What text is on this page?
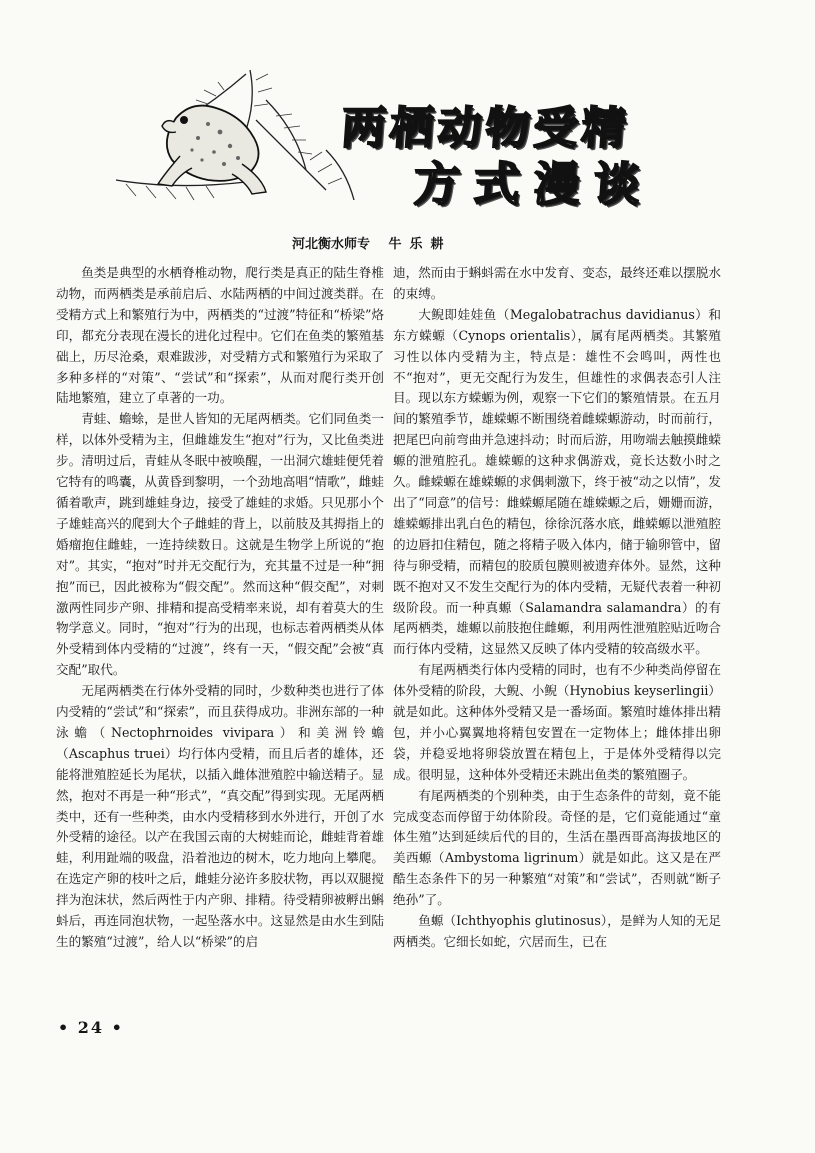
两栖动物受精
方式漫谈
河北衡水师专 牛乐耕

鱼类是典型的水栖脊椎动物，爬行类是真正的陆生脊椎动物，而两栖类是承前启后、水陆两栖的中间过渡类群。在受精方式上和繁殖行为中，两栖类的“过渡”特征和“桥梁”烙印，都充分表现在漫长的进化过程中。它们在鱼类的繁殖基础上，历尽沧桑，艰难跋涉，对受精方式和繁殖行为采取了多种多样的“对策”、“尝试”和“探索”，从而对爬行类开创陆地繁殖，建立了卓著的一功。

青蛙、蟾蜍，是世人皆知的无尾两栖类。它们同鱼类一样，以体外受精为主，但雌雄发生“抱对”行为，又比鱼类进步。清明过后，青蛙从冬眠中被唤醒，一出洞穴雄蛙便凭着它特有的鸣囊，从黄昏到黎明，一个劲地高唱“情歌”，雌蛙循着歌声，跳到雄蛙身边，接受了雄蛙的求婚。只见那小个子雄蛙高兴的爬到大个子雌蛙的背上，以前肢及其拇指上的婚瘤抱住雌蛙，一连持续数日。这就是生物学上所说的“抱对”。其实，“抱对”时并无交配行为，充其量不过是一种“拥抱”而已，因此被称为“假交配”。然而这种“假交配”，对刺激两性同步产卵、排精和提高受精率来说，却有着莫大的生物学意义。同时，“抱对”行为的出现，也标志着两栖类从体外受精到体内受精的“过渡”，终有一天，“假交配”会被“真交配”取代。

无尾两栖类在行体外受精的同时，少数种类也进行了体内受精的“尝试”和“探索”，而且获得成功。非洲东部的一种泳蟾（Nectophrnoides vivipara）和美洲铃蟾（Ascaphus truei）均行体内受精，而且后者的雄体，还能将泄殖腔延长为尾状，以插入雌体泄殖腔中输送精子。显然，抱对不再是一种“形式”，“真交配”得到实现。无尾两栖类中，还有一些种类，由水内受精移到水外进行，开创了水外受精的途径。以产在我国云南的大树蛙而论，雌蛙背着雄蛙，利用趾端的吸盘，沿着池边的树木，吃力地向上攀爬。在选定产卵的枝叶之后，雌蛙分泌许多胶状物，再以双腿搅拌为泡沫状，然后两性于内产卵、排精。待受精卵被孵出蝌蚪后，再连同泡状物，一起坠落水中。这显然是由水生到陆生的繁殖“过渡”，给人以“桥梁”的启

迪，然而由于蝌蚪需在水中发育、变态，最终还难以摆脱水的束缚。

大鲵即娃娃鱼（Megalobatrachus davidianus）和东方蝾螈（Cynops orientalis），属有尾两栖类。其繁殖习性以体内受精为主，特点是：雄性不会鸣叫，两性也不“抱对”，更无交配行为发生，但雄性的求偶表态引人注目。现以东方蝾螈为例，观察一下它们的繁殖情景。在五月间的繁殖季节，雄蝾螈不断围绕着雌蝾螈游动，时而前行，把尾巴向前弯曲并急速抖动；时而后游，用吻端去触摸雌蝾螈的泄殖腔孔。雄蝾螈的这种求偶游戏，竟长达数小时之久。雌蝾螈在雄蝾螈的求偶刺激下，终于被“动之以情”，发出了“同意”的信号：雌蝾螈尾随在雄蝾螈之后，姗姗而游，雄蝾螈排出乳白色的精包，徐徐沉落水底，雌蝾螈以泄殖腔的边唇扣住精包，随之将精子吸入体内，储于输卵管中，留待与卵受精，而精包的胶质包膜则被遗弃体外。显然，这种既不抱对又不发生交配行为的体内受精，无疑代表着一种初级阶段。而一种真螈（Salamandra salamandra）的有尾两栖类，雄螈以前肢抱住雌螈，利用两性泄殖腔贴近吻合而行体内受精，这显然又反映了体内受精的较高级水平。

有尾两栖类行体内受精的同时，也有不少种类尚停留在体外受精的阶段，大鲵、小鲵（Hynobius keyserlingii）就是如此。这种体外受精又是一番场面。繁殖时雄体排出精包，并小心翼翼地将精包安置在一定物体上；雌体排出卵袋，并稳妥地将卵袋放置在精包上，于是体外受精得以完成。很明显，这种体外受精还未跳出鱼类的繁殖圈子。

有尾两栖类的个别种类，由于生态条件的苛刻，竟不能完成变态而停留于幼体阶段。奇怪的是，它们竟能通过“童体生殖”达到延续后代的目的，生活在墨西哥高海拔地区的美西螈（Ambystoma ligrinum）就是如此。这又是在严酷生态条件下的另一种繁殖“对策”和“尝试”，否则就“断子绝孙”了。

鱼螈（Ichthyophis glutinosus），是鲜为人知的无足两栖类。它细长如蛇，穴居而生，已在

• 24 •
